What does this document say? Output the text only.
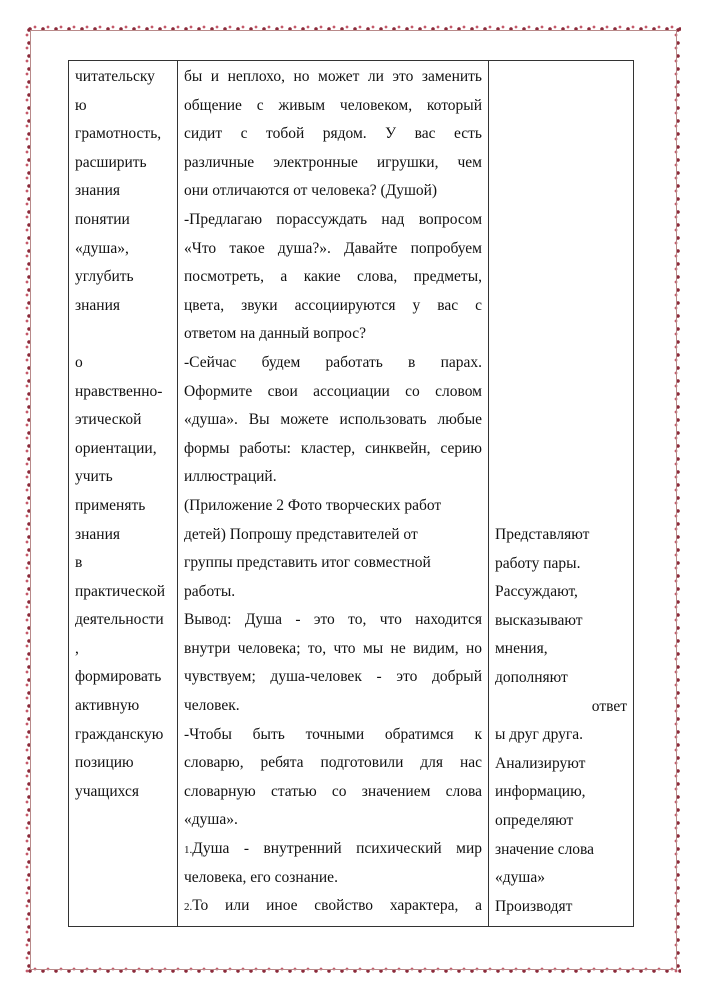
читательску
ю
грамотность,
расширить
знания
понятии
«душа»,
углубить
знания
о
нравственно-
этической
ориентации,
учить
применять
знания
в
практической
деятельности
,
формировать
активную
гражданскую
позицию
учащихся
бы и неплохо, но может ли это заменить
общение с живым человеком, который
сидит с тобой рядом. У вас есть
различные электронные игрушки, чем
они отличаются от человека? (Душой)
-Предлагаю порассуждать над вопросом
«Что такое душа?». Давайте попробуем
посмотреть, а какие слова, предметы,
цвета, звуки ассоциируются у вас с
ответом на данный вопрос?
-Сейчас будем работать в парах.
Оформите свои ассоциации со словом
«душа». Вы можете использовать любые
формы работы: кластер, синквейн, серию
иллюстраций.
(Приложение 2 Фото творческих работ
детей) Попрошу представителей от
группы представить итог совместной
работы.
Вывод: Душа - это то, что находится
внутри человека; то, что мы не видим, но
чувствуем; душа-человек - это добрый
человек.
-Чтобы быть точными обратимся к
словарю, ребята подготовили для нас
словарную статью со значением слова
«душа».
1. Душа - внутренний психический мир
человека, его сознание.
2. То или иное свойство характера, а
Представляют
работу пары.
Рассуждают,
высказывают
мнения,
дополняют
ответ
ы друг друга.
Анализируют
информацию,
определяют
значение слова
«душа»
Производят
